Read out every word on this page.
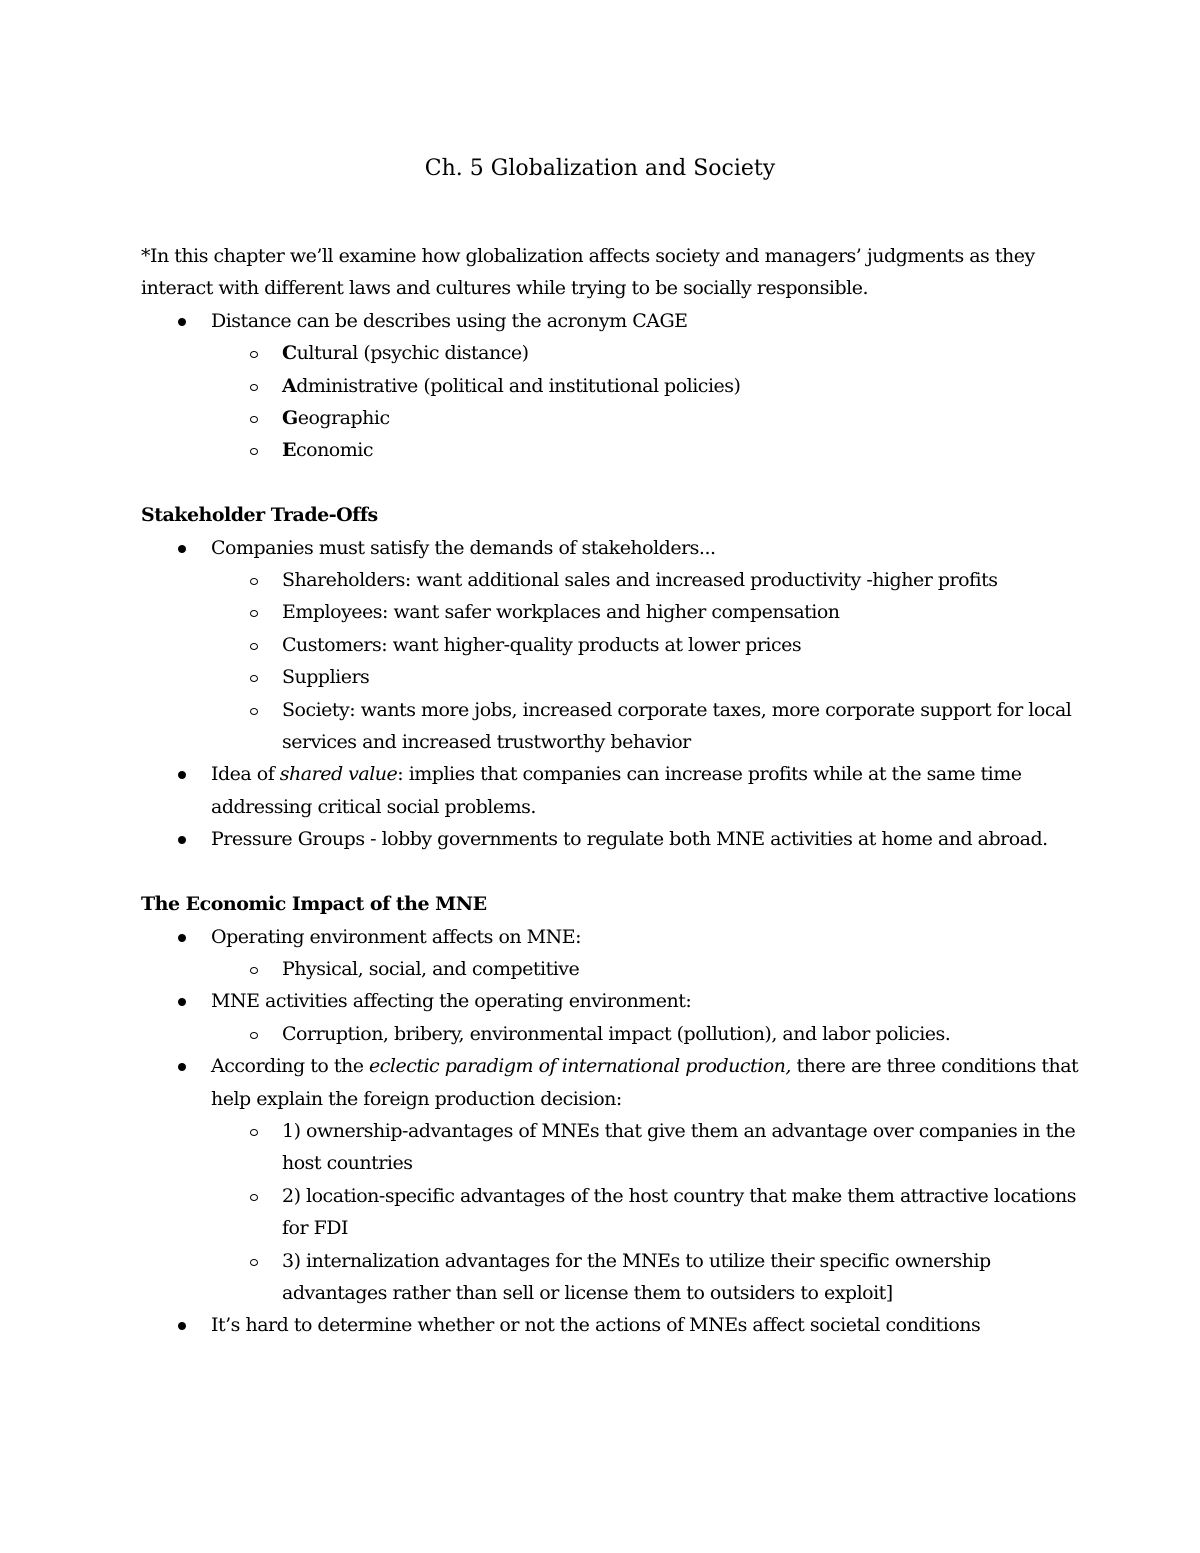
Ch. 5 Globalization and Society

*In this chapter we’ll examine how globalization affects society and managers’ judgments as they interact with different laws and cultures while trying to be socially responsible.

Distance can be describes using the acronym CAGE
Cultural (psychic distance)
Administrative (political and institutional policies)
Geographic
Economic
Stakeholder Trade-Offs
Companies must satisfy the demands of stakeholders...
Shareholders: want additional sales and increased productivity -higher profits
Employees: want safer workplaces and higher compensation
Customers: want higher-quality products at lower prices
Suppliers
Society: wants more jobs, increased corporate taxes, more corporate support for local services and increased trustworthy behavior
Idea of shared value: implies that companies can increase profits while at the same time addressing critical social problems.
Pressure Groups - lobby governments to regulate both MNE activities at home and abroad.
The Economic Impact of the MNE
Operating environment affects on MNE:
Physical, social, and competitive
MNE activities affecting the operating environment:
Corruption, bribery, environmental impact (pollution), and labor policies.
According to the eclectic paradigm of international production, there are three conditions that help explain the foreign production decision:
1) ownership-advantages of MNEs that give them an advantage over companies in the host countries
2) location-specific advantages of the host country that make them attractive locations for FDI
3) internalization advantages for the MNEs to utilize their specific ownership advantages rather than sell or license them to outsiders to exploit]
It’s hard to determine whether or not the actions of MNEs affect societal conditions
